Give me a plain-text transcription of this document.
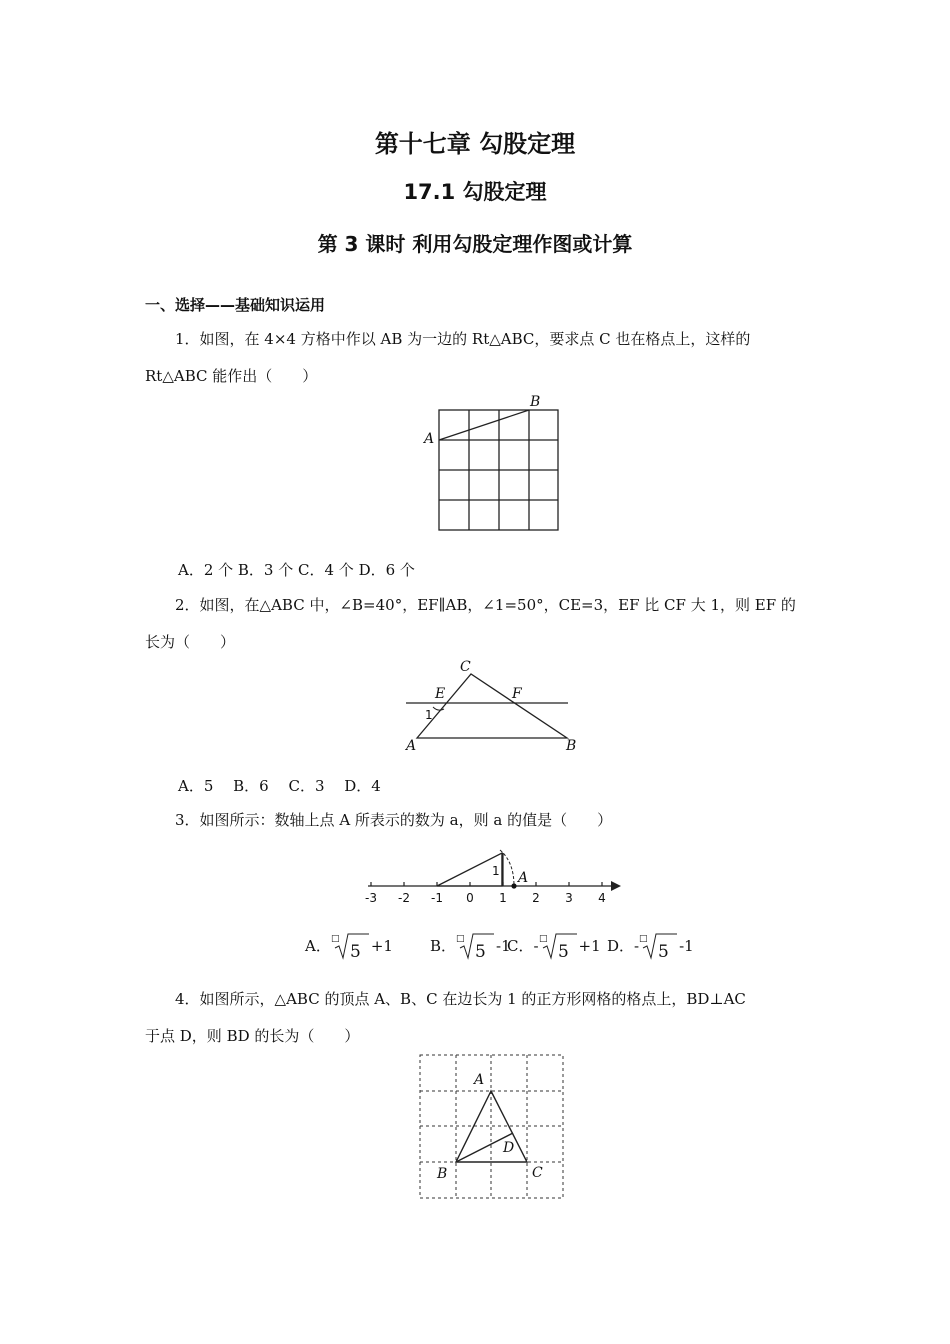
第十七章 勾股定理
17.1 勾股定理
第 3 课时 利用勾股定理作图或计算
一、选择——基础知识运用
1．如图，在 4×4 方格中作以 AB 为一边的 Rt△ABC，要求点 C 也在格点上，这样的
Rt△ABC 能作出（　　）
A
B
A．2 个 B．3 个 C．4 个 D．6 个
2．如图，在△ABC 中，∠B=40°，EF∥AB，∠1=50°，CE=3，EF 比 CF 大 1，则 EF 的
长为（　　）
C
E	F
1
A	B
A．5　 B．6　 C．3　 D．4
3．如图所示：数轴上点 A 所表示的数为 a，则 a 的值是（　　）
1 A
-3 -2 -1 0 1 2 3 4
A． □
5 +1 B． □
5 -1
C．- □
5 +1 D．- □
5 -1
4．如图所示，△ABC 的顶点 A、B、C 在边长为 1 的正方形网格的格点上，BD⊥AC
于点 D，则 BD 的长为（　　）
A
B	C
D
